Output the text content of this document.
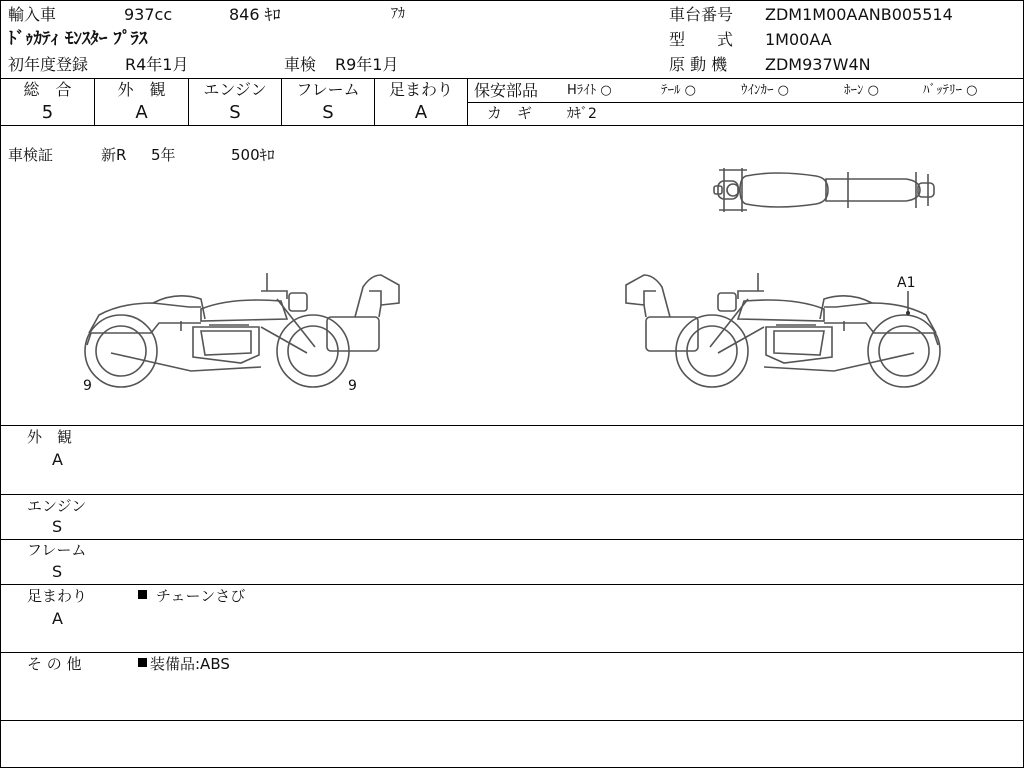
輸入車	937cc	846 ｷﾛ	ｱｶ
ﾄﾞｩｶﾃｨ ﾓﾝｽﾀｰ ﾌﾟﾗｽ
初年度登録 R4年1月	車検 R9年1月
車台番号 ZDM1M00AANB005514
型　　式 1M00AA
原 動 機 ZDM937W4N
総　合
5
外　観
A
エンジン
S
フレーム
S
足まわり
A
保安部品 Hﾗｲﾄ ○	ﾃｰﾙ ○	ｳｲﾝｶｰ ○	ﾎｰﾝ ○	ﾊﾞｯﾃﾘｰ ○
カ　ギ ｶｷﾞ2
車検証	新R 5年	500ｷﾛ
9	9
A1
外　観
A
エンジン
S
フレーム
S
足まわり
A
チェーンさび
そ の 他	装備品:ABS
